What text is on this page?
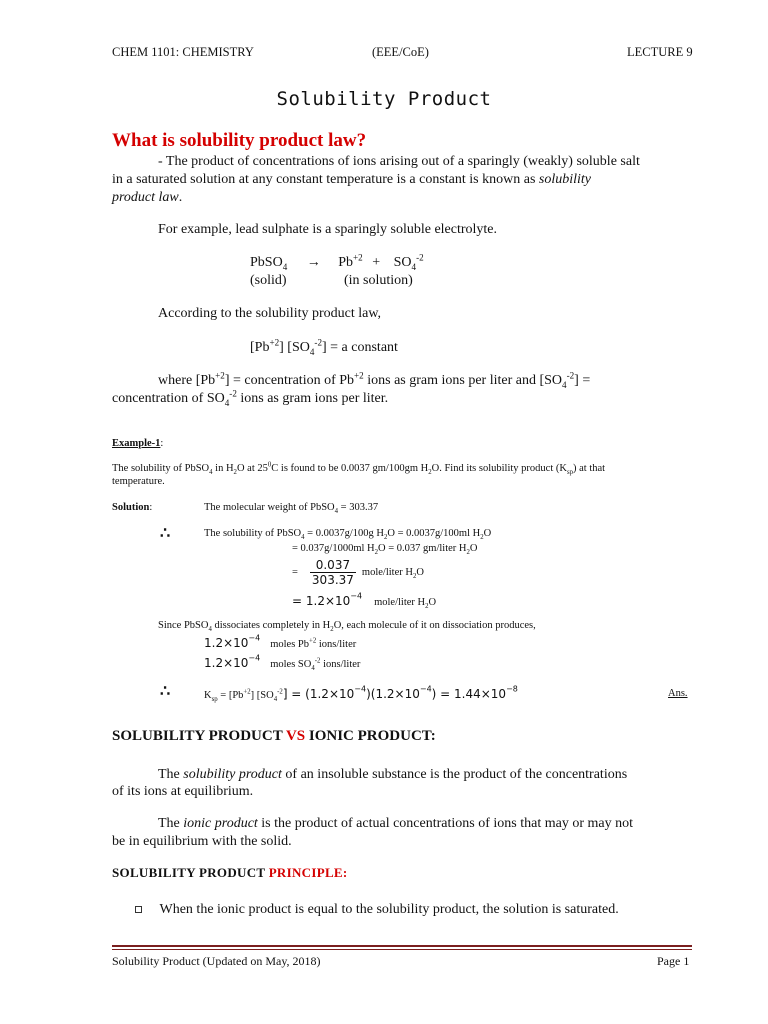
CHEM 1101: CHEMISTRY	(EEE/CoE)	LECTURE 9
Solubility Product
What is solubility product law?
- The product of concentrations of ions arising out of a sparingly (weakly) soluble salt
in a saturated solution at any constant temperature is a constant is known as solubility
product law.
For example, lead sulphate is a sparingly soluble electrolyte.
PbSO$_4$ → $Pb^{+2} + SO_4^{-2}$
(solid)	(in solution)
According to the solubility product law,
$[Pb^{+2}] [SO_4^{-2}] = a$ constant
where $[Pb^{+2}]$ = concentration of $Pb^{+2}$ ions as gram ions per liter and $[SO_4^{-2}]$ =
concentration of $SO_4^{-2}$ ions as gram ions per liter.
Example-1:
The solubility of PbSO$_4$ in $H_2O$ at $25^0C$ is found to be 0.0037 gm/100gm $H_2O$. Find its solubility product $(K_{sp})$ at that
temperature.
Solution:	The molecular weight of PbSO$_4$ = 303.37
∴	The solubility of PbSO$_4$ = 0.0037g/100g $H_2O = 0.0037g/100ml$ $H_2O$
= 0.037g/1000ml $H_2O = 0.037$ gm/liter $H_2O$
= $\frac{0.037}{303.37}$ mole/liter $H_2O$
= $1.2\times 10^{-4}$ mole/liter $H_2O$
Since PbSO$_4$ dissociates completely in $H_2O$, each molecule of it on dissociation produces,
$1.2\times 10^{-4}$ moles $Pb^{+2}$ ions/liter
$1.2\times 10^{-4}$ moles $SO_4^{-2}$ ions/liter
∴	$K_{sp} = [Pb^{+2}] [SO_4^{-2}] = (1.2\times 10^{-4})(1.2\times 10^{-4}) = 1.44\times 10^{-8}$	Ans.
SOLUBILITY PRODUCT VS IONIC PRODUCT:
The solubility product of an insoluble substance is the product of the concentrations
of its ions at equilibrium.
The ionic product is the product of actual concentrations of ions that may or may not
be in equilibrium with the solid.
SOLUBILITY PRODUCT PRINCIPLE:
When the ionic product is equal to the solubility product, the solution is saturated.
Solubility Product (Updated on May, 2018)	Page 1
